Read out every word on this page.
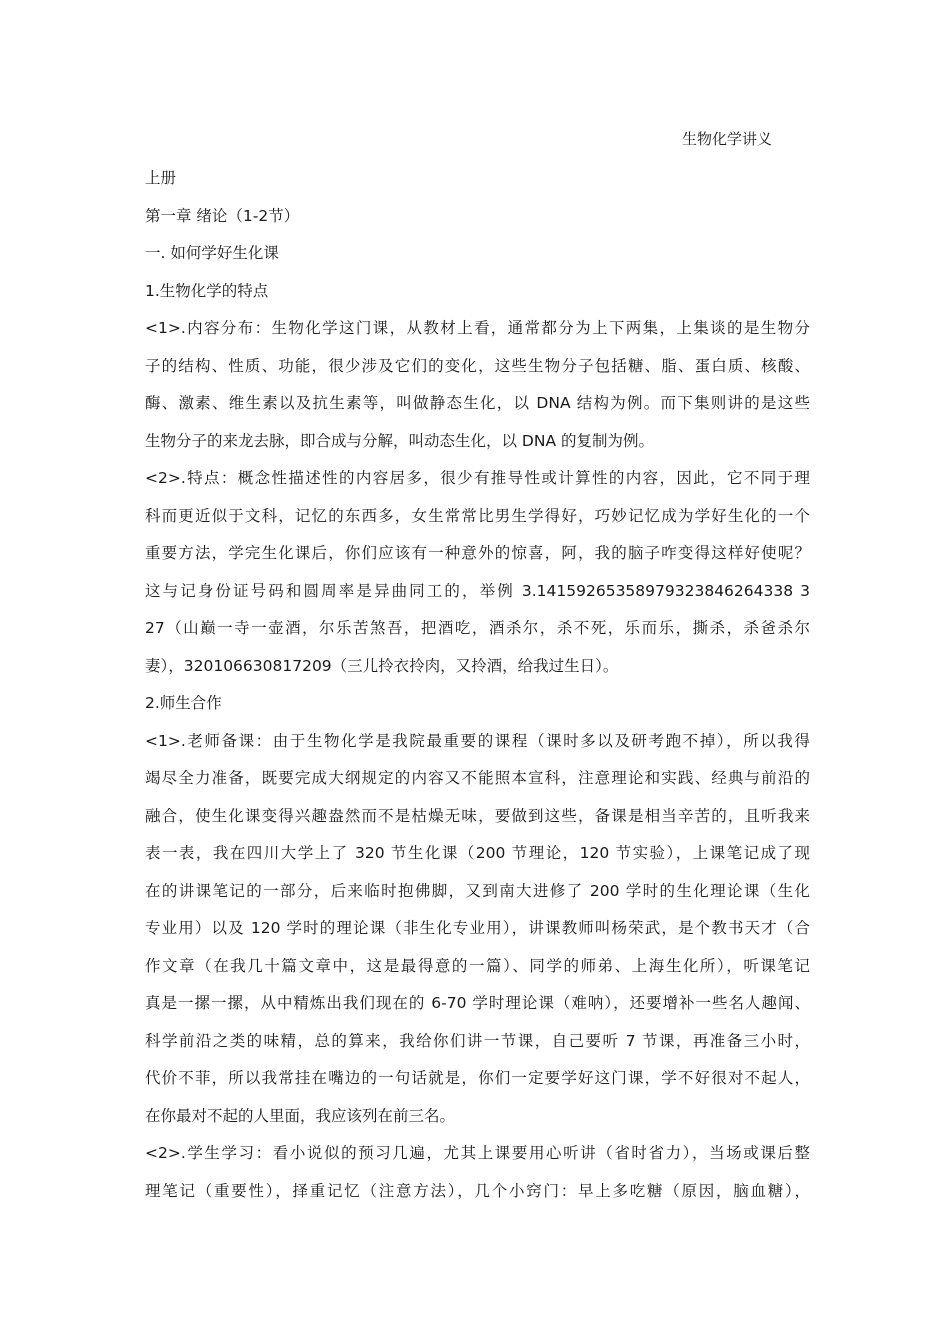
生物化学讲义
上册
第一章 绪论（1-2节）
一. 如何学好生化课
1.生物化学的特点
<1>.内容分布：生物化学这门课，从教材上看，通常都分为上下两集，上集谈的是生物分
子的结构、性质、功能，很少涉及它们的变化，这些生物分子包括糖、脂、蛋白质、核酸、
酶、激素、维生素以及抗生素等，叫做静态生化，以 DNA 结构为例。而下集则讲的是这些
生物分子的来龙去脉，即合成与分解，叫动态生化，以 DNA 的复制为例。
<2>.特点：概念性描述性的内容居多，很少有推导性或计算性的内容，因此，它不同于理
科而更近似于文科，记忆的东西多，女生常常比男生学得好，巧妙记忆成为学好生化的一个
重要方法，学完生化课后，你们应该有一种意外的惊喜，阿，我的脑子咋变得这样好使呢？
这与记身份证号码和圆周率是异曲同工的，举例 3.14159265358979323846264338 3
27（山巅一寺一壶酒，尔乐苦煞吾，把酒吃，酒杀尔，杀不死，乐而乐，撕杀，杀爸杀尔
妻），320106630817209（三儿拎衣拎肉，又拎酒，给我过生日）。
2.师生合作
<1>.老师备课：由于生物化学是我院最重要的课程（课时多以及研考跑不掉），所以我得
竭尽全力准备，既要完成大纲规定的内容又不能照本宣科，注意理论和实践、经典与前沿的
融合，使生化课变得兴趣盎然而不是枯燥无味，要做到这些，备课是相当辛苦的，且听我来
表一表，我在四川大学上了 320 节生化课（200 节理论，120 节实验），上课笔记成了现
在的讲课笔记的一部分，后来临时抱佛脚，又到南大进修了 200 学时的生化理论课（生化
专业用）以及 120 学时的理论课（非生化专业用），讲课教师叫杨荣武，是个教书天才（合
作文章（在我几十篇文章中，这是最得意的一篇）、同学的师弟、上海生化所），听课笔记
真是一摞一摞，从中精炼出我们现在的 6-70 学时理论课（难呐），还要增补一些名人趣闻、
科学前沿之类的味精，总的算来，我给你们讲一节课，自己要听 7 节课，再准备三小时，
代价不菲，所以我常挂在嘴边的一句话就是，你们一定要学好这门课，学不好很对不起人，
在你最对不起的人里面，我应该列在前三名。
<2>.学生学习：看小说似的预习几遍，尤其上课要用心听讲（省时省力），当场或课后整
理笔记（重要性），择重记忆（注意方法），几个小窍门：早上多吃糖（原因，脑血糖），
